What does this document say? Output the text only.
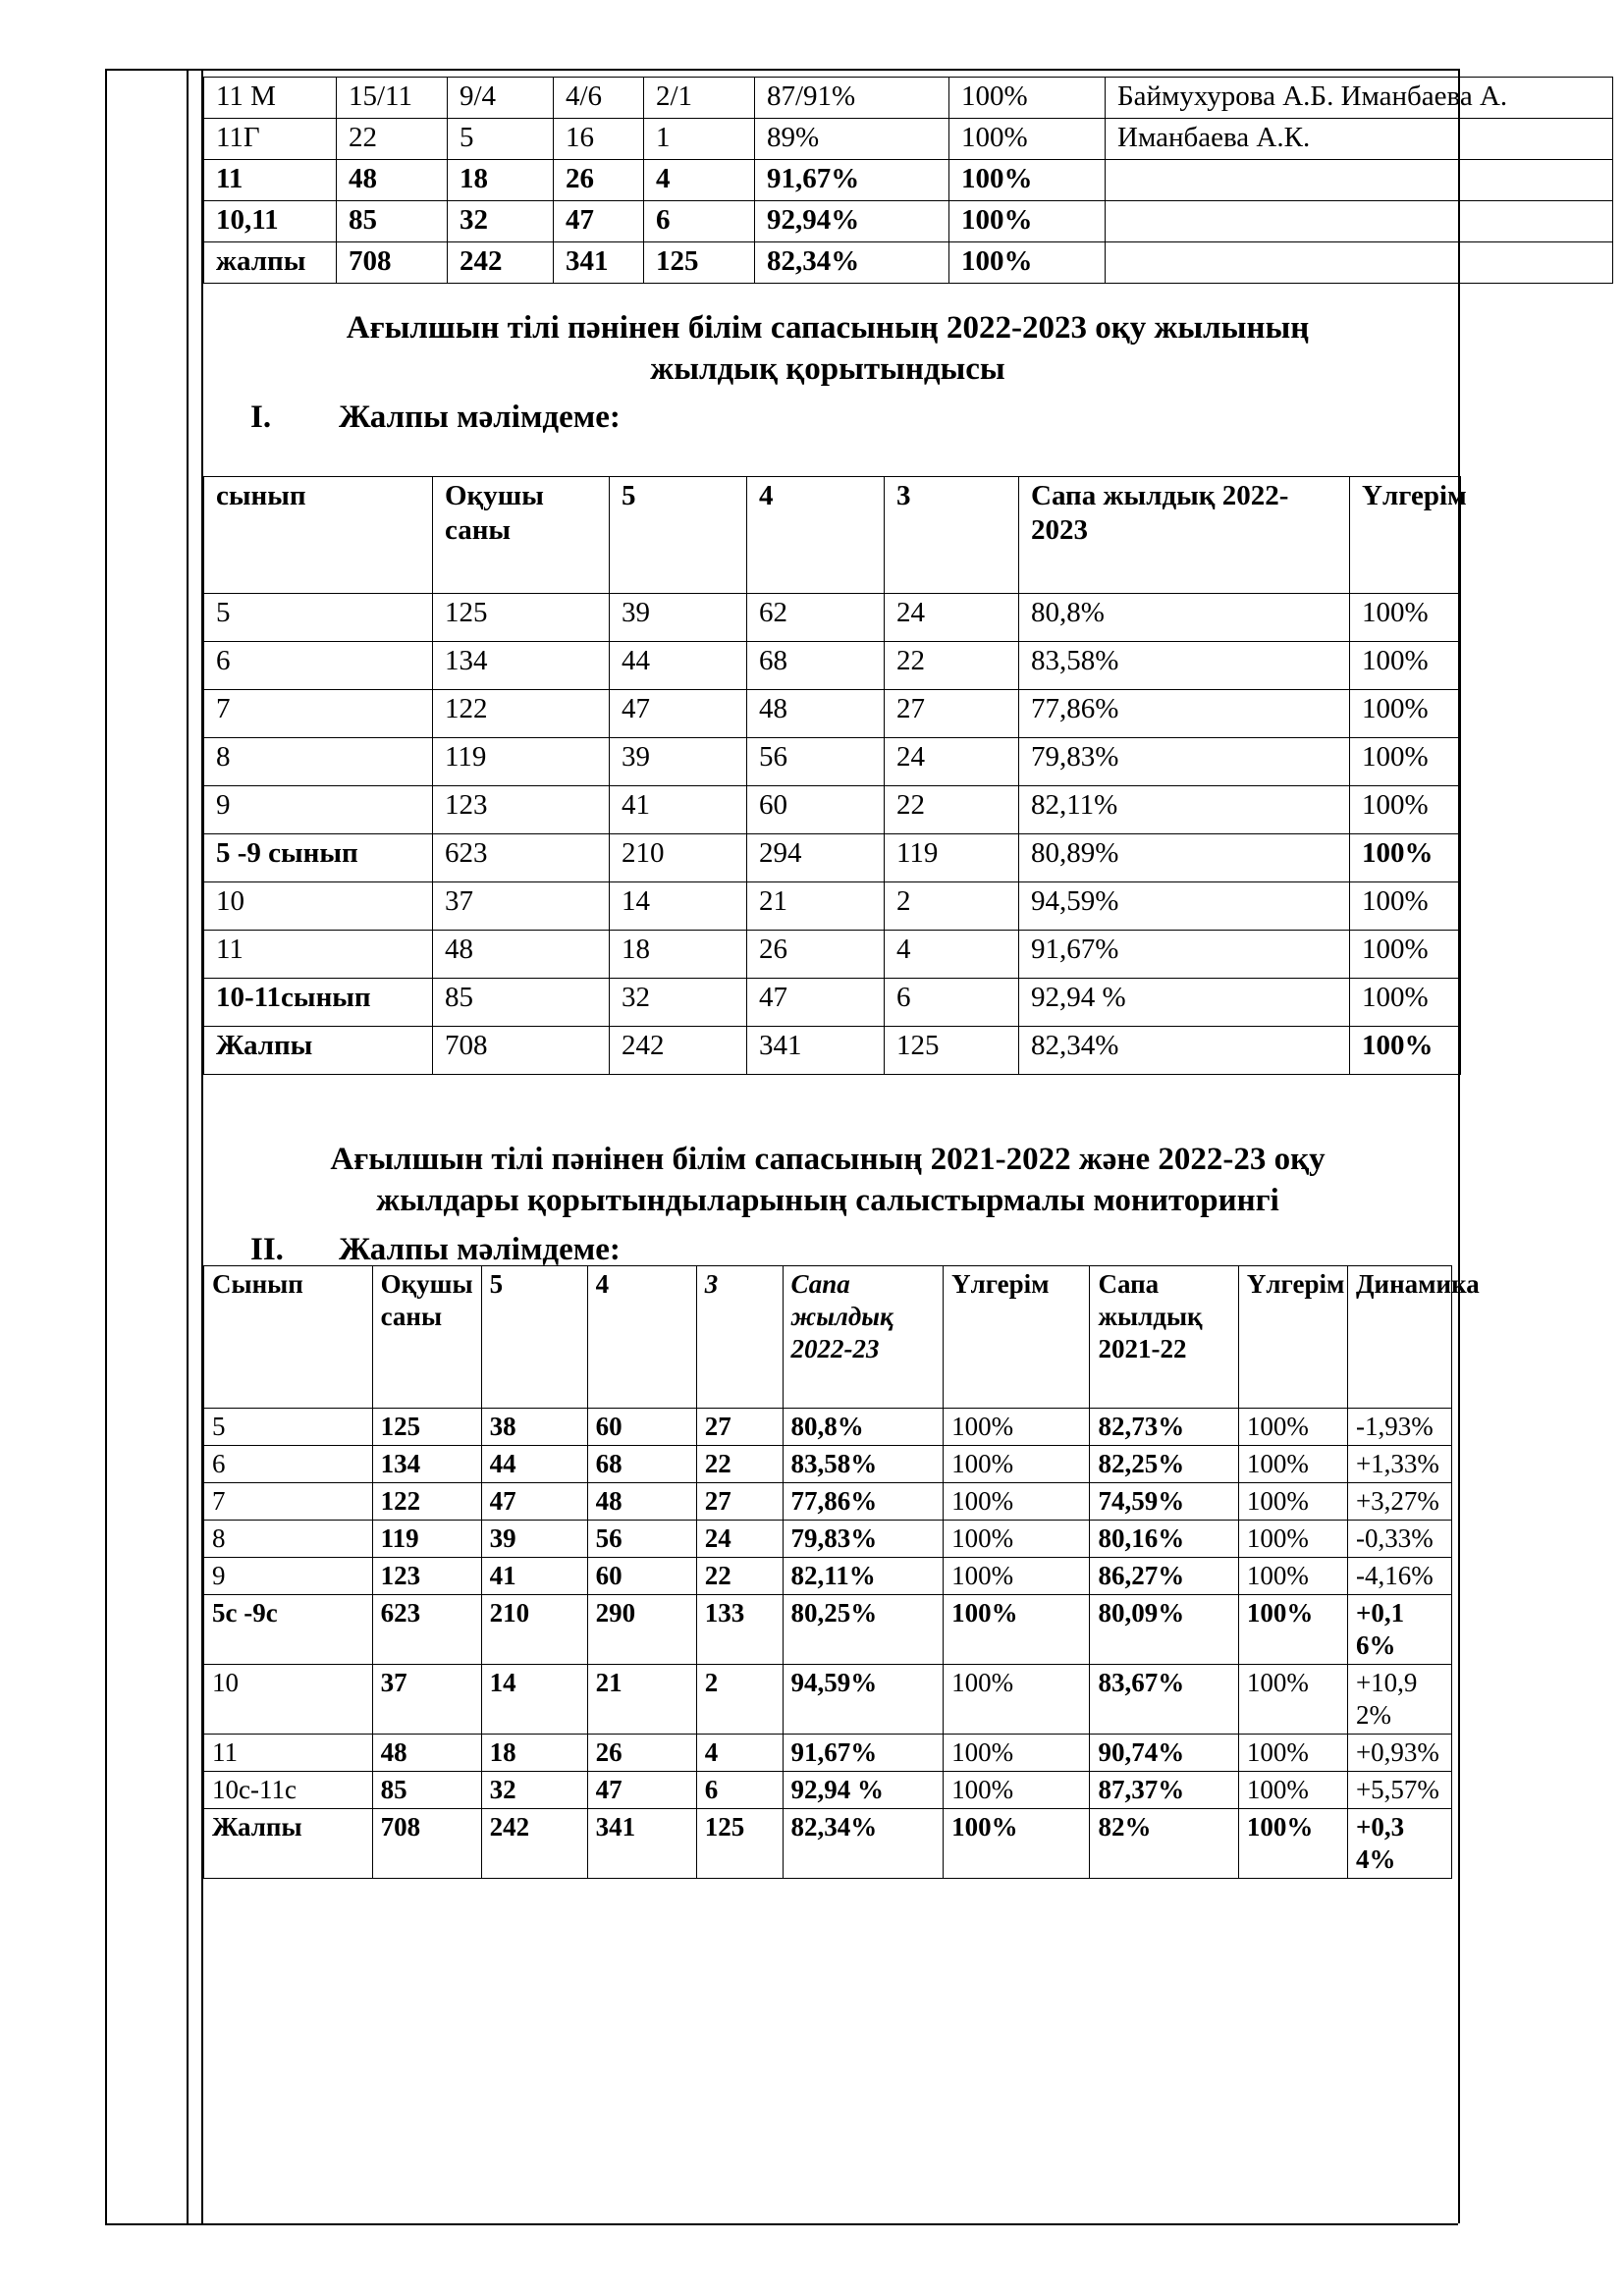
11 М	15/11	9/4	4/6	2/1	87/91%	100%	Баймухурова А.Б. Иманбаева А.
11Г	22	5	16	1	89%	100%	Иманбаева А.К.
11	48	18	26	4	91,67%	100%	
10,11	85	32	47	6	92,94%	100%	
жалпы	708	242	341	125	82,34%	100%	
Ағылшын тілі пәнінен білім сапасының 2022-2023 оқу жылының
жылдық қорытындысы
I. Жалпы мәлімдеме:
сынып	Оқушы саны	5	4	3	Сапа жылдық 2022-2023	Үлгерім
5	125	39	62	24	80,8%	100%
6	134	44	68	22	83,58%	100%
7	122	47	48	27	77,86%	100%
8	119	39	56	24	79,83%	100%
9	123	41	60	22	82,11%	100%
5 -9 сынып	623	210	294	119	80,89%	100%
10	37	14	21	2	94,59%	100%
11	48	18	26	4	91,67%	100%
10-11сынып	85	32	47	6	92,94 %	100%
Жалпы	708	242	341	125	82,34%	100%
Ағылшын тілі пәнінен білім сапасының 2021-2022 және 2022-23 оқу
жылдары қорытындыларының салыстырмалы мониторингі
II. Жалпы мәлімдеме:
Сынып	Оқушы саны	5	4	3	Сапа жылдық 2022-23	Үлгерім	Сапа жылдық 2021-22	Үлгерім	Динамика
5	125	38	60	27	80,8%	100%	82,73%	100%	-1,93%
6	134	44	68	22	83,58%	100%	82,25%	100%	+1,33%
7	122	47	48	27	77,86%	100%	74,59%	100%	+3,27%
8	119	39	56	24	79,83%	100%	80,16%	100%	-0,33%
9	123	41	60	22	82,11%	100%	86,27%	100%	-4,16%
5с -9с	623	210	290	133	80,25%	100%	80,09%	100%	+0,16%
10	37	14	21	2	94,59%	100%	83,67%	100%	+10,92%
11	48	18	26	4	91,67%	100%	90,74%	100%	+0,93%
10с-11с	85	32	47	6	92,94 %	100%	87,37%	100%	+5,57%
Жалпы	708	242	341	125	82,34%	100%	82%	100%	+0,34%
